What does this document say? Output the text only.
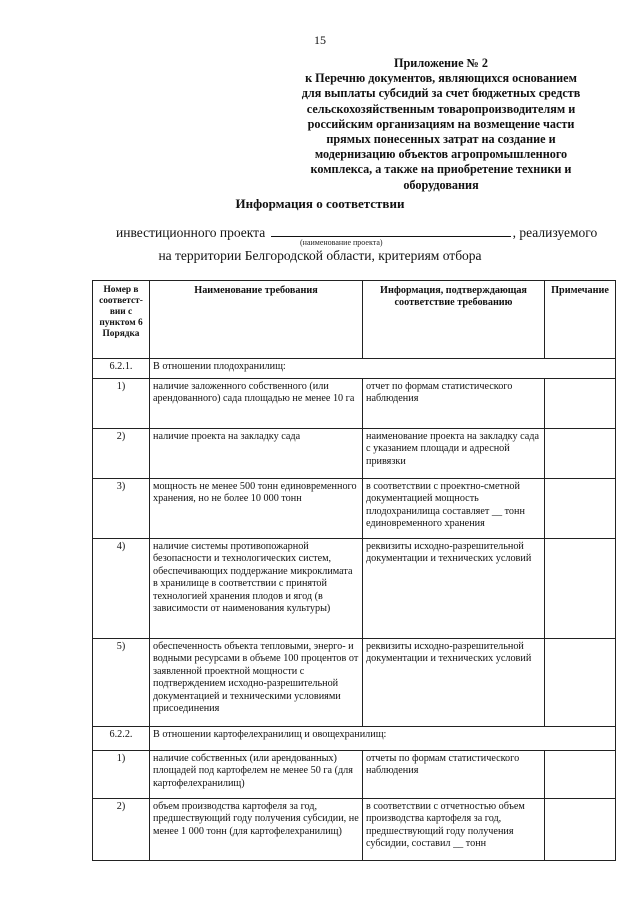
15
Приложение № 2
к Перечню документов, являющихся основанием
для выплаты субсидий за счет бюджетных средств
сельскохозяйственным товаропроизводителям и
российским организациям на возмещение части
прямых понесенных затрат на создание и
модернизацию объектов агропромышленного
комплекса, а также на приобретение техники и
оборудования
Информация о соответствии
инвестиционного проекта	, реализуемого
(наименование проекта)
на территории Белгородской области, критериям отбора
Номер в соответст-вии с пунктом 6 Порядка	Наименование требования	Информация, подтверждающая соответствие требованию	Примечание
6.2.1.	В отношении плодохранилищ:		
1)	наличие заложенного собственного (или арендованного) сада площадью не менее 10 га	отчет по формам статистического наблюдения	
2)	наличие проекта на закладку сада	наименование проекта на закладку сада с указанием площади и адресной привязки	
3)	мощность не менее 500 тонн единовременного хранения, но не более 10 000 тонн	в соответствии с проектно-сметной документацией мощность плодохранилища составляет __ тонн единовременного хранения	
4)	наличие системы противопожарной безопасности и технологических систем, обеспечивающих поддержание микроклимата в хранилище в соответствии с принятой технологией хранения плодов и ягод (в зависимости от наименования культуры)	реквизиты исходно-разрешительной документации и технических условий	
5)	обеспеченность объекта тепловыми, энерго- и водными ресурсами в объеме 100 процентов от заявленной проектной мощности с подтверждением исходно-разрешительной документацией и техническими условиями присоединения	реквизиты исходно-разрешительной документации и технических условий	
6.2.2.	В отношении картофелехранилищ и овощехранилищ:		
1)	наличие собственных (или арендованных) площадей под картофелем не менее 50 га (для картофелехранилищ)	отчеты по формам статистического наблюдения	
2)	объем производства картофеля за год, предшествующий году получения субсидии, не менее 1 000 тонн (для картофелехранилищ)	в соответствии с отчетностью объем производства картофеля за год, предшествующий году получения субсидии, составил __ тонн	
